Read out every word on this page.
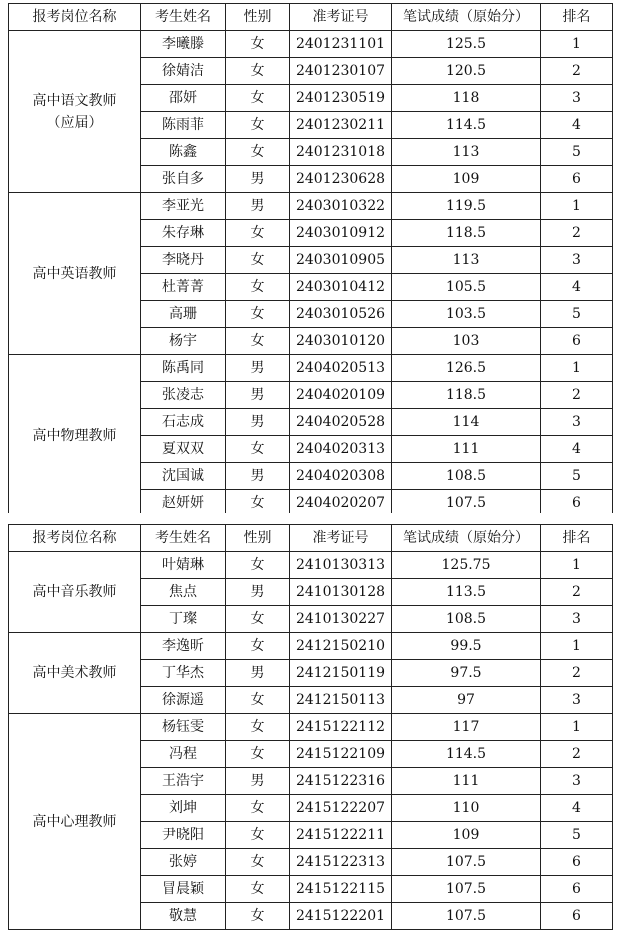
报考岗位名称	考生姓名	性别	准考证号	笔试成绩（原始分）	排名
高中语文教师
（应届）	李曦滕	女	2401231101	125.5	1
	徐婧洁	女	2401230107	120.5	2
	邵妍	女	2401230519	118	3
	陈雨菲	女	2401230211	114.5	4
	陈鑫	女	2401231018	113	5
	张自多	男	2401230628	109	6
高中英语教师	李亚光	男	2403010322	119.5	1
	朱存琳	女	2403010912	118.5	2
	李晓丹	女	2403010905	113	3
	杜菁菁	女	2403010412	105.5	4
	高珊	女	2403010526	103.5	5
	杨宇	女	2403010120	103	6
高中物理教师	陈禹同	男	2404020513	126.5	1
	张凌志	男	2404020109	118.5	2
	石志成	男	2404020528	114	3
	夏双双	女	2404020313	111	4
	沈国诚	男	2404020308	108.5	5
	赵妍妍	女	2404020207	107.5	6
报考岗位名称	考生姓名	性别	准考证号	笔试成绩（原始分）	排名
高中音乐教师	叶婧琳	女	2410130313	125.75	1
	焦点	男	2410130128	113.5	2
	丁璨	女	2410130227	108.5	3
高中美术教师	李逸昕	女	2412150210	99.5	1
	丁华杰	男	2412150119	97.5	2
	徐源遥	女	2412150113	97	3
高中心理教师	杨钰雯	女	2415122112	117	1
	冯程	女	2415122109	114.5	2
	王浩宇	男	2415122316	111	3
	刘坤	女	2415122207	110	4
	尹晓阳	女	2415122211	109	5
	张婷	女	2415122313	107.5	6
	冒晨颖	女	2415122115	107.5	6
	敬慧	女	2415122201	107.5	6
